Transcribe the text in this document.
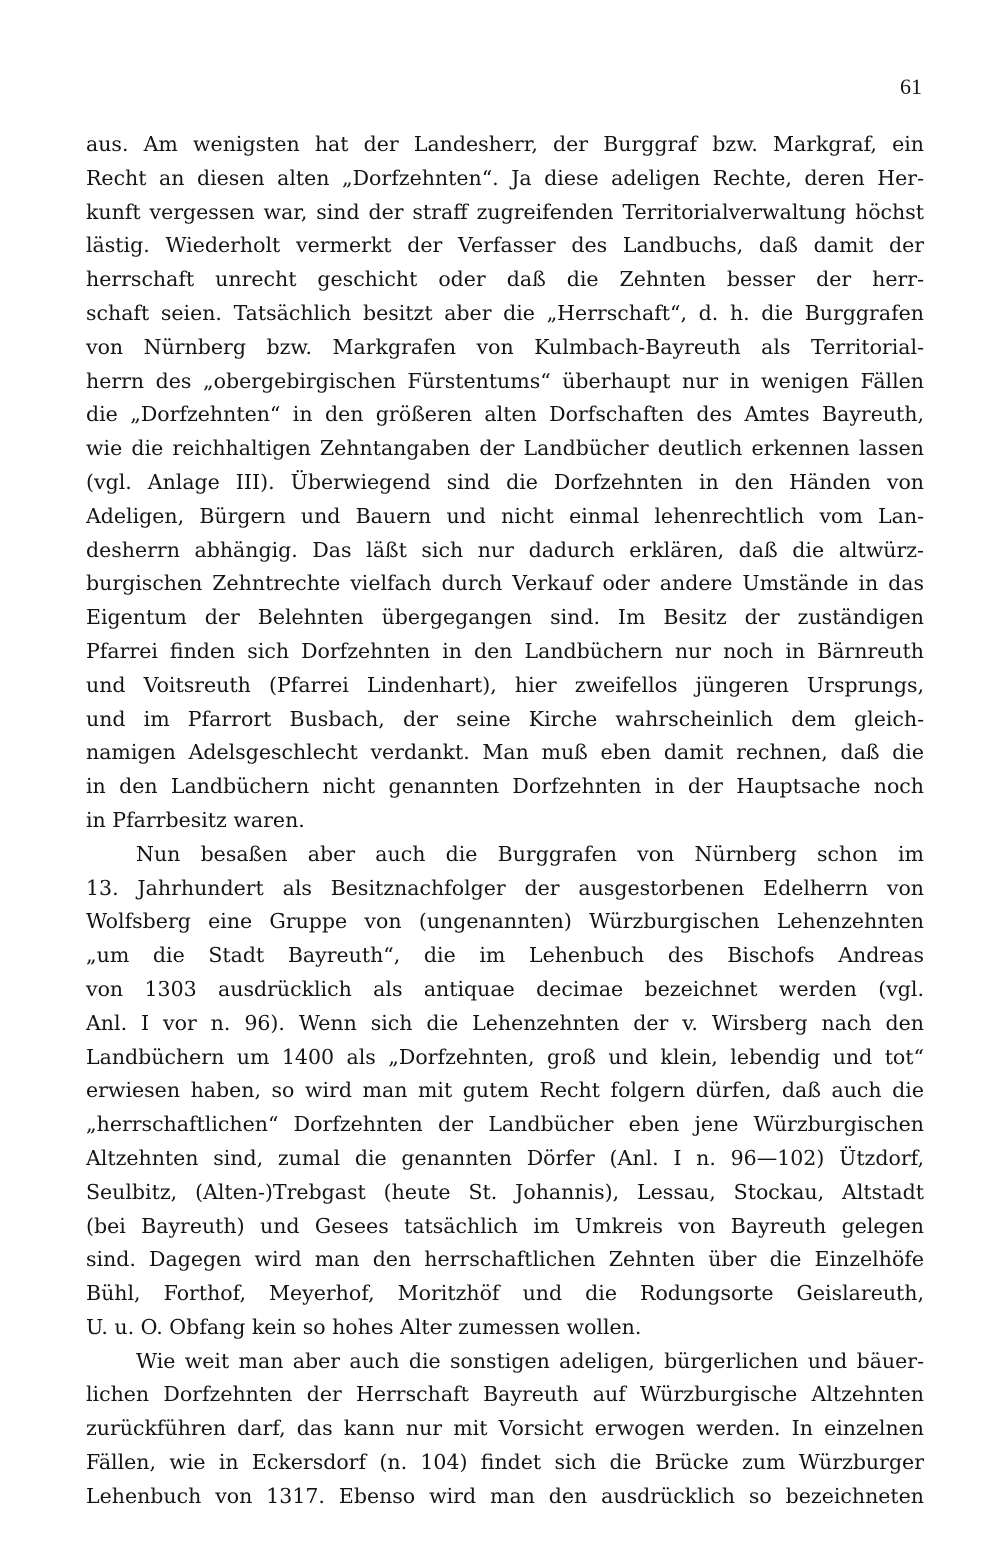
61
aus. Am wenigsten hat der Landesherr, der Burggraf bzw. Markgraf, ein
Recht an diesen alten „Dorfzehnten“. Ja diese adeligen Rechte, deren Her-
kunft vergessen war, sind der straff zugreifenden Territorialverwaltung höchst
lästig. Wiederholt vermerkt der Verfasser des Landbuchs, daß damit der
herrschaft unrecht geschicht oder daß die Zehnten besser der herr-
schaft seien. Tatsächlich besitzt aber die „Herrschaft“, d. h. die Burggrafen
von Nürnberg bzw. Markgrafen von Kulmbach-Bayreuth als Territorial-
herrn des „obergebirgischen Fürstentums“ überhaupt nur in wenigen Fällen
die „Dorfzehnten“ in den größeren alten Dorfschaften des Amtes Bayreuth,
wie die reichhaltigen Zehntangaben der Landbücher deutlich erkennen lassen
(vgl. Anlage III). Überwiegend sind die Dorfzehnten in den Händen von
Adeligen, Bürgern und Bauern und nicht einmal lehenrechtlich vom Lan-
desherrn abhängig. Das läßt sich nur dadurch erklären, daß die altwürz-
burgischen Zehntrechte vielfach durch Verkauf oder andere Umstände in das
Eigentum der Belehnten übergegangen sind. Im Besitz der zuständigen
Pfarrei finden sich Dorfzehnten in den Landbüchern nur noch in Bärnreuth
und Voitsreuth (Pfarrei Lindenhart), hier zweifellos jüngeren Ursprungs,
und im Pfarrort Busbach, der seine Kirche wahrscheinlich dem gleich-
namigen Adelsgeschlecht verdankt. Man muß eben damit rechnen, daß die
in den Landbüchern nicht genannten Dorfzehnten in der Hauptsache noch
in Pfarrbesitz waren.
Nun besaßen aber auch die Burggrafen von Nürnberg schon im
13. Jahrhundert als Besitznachfolger der ausgestorbenen Edelherrn von
Wolfsberg eine Gruppe von (ungenannten) Würzburgischen Lehenzehnten
„um die Stadt Bayreuth“, die im Lehenbuch des Bischofs Andreas
von 1303 ausdrücklich als antiquae decimae bezeichnet werden (vgl.
Anl. I vor n. 96). Wenn sich die Lehenzehnten der v. Wirsberg nach den
Landbüchern um 1400 als „Dorfzehnten, groß und klein, lebendig und tot“
erwiesen haben, so wird man mit gutem Recht folgern dürfen, daß auch die
„herrschaftlichen“ Dorfzehnten der Landbücher eben jene Würzburgischen
Altzehnten sind, zumal die genannten Dörfer (Anl. I n. 96—102) Ützdorf,
Seulbitz, (Alten-)Trebgast (heute St. Johannis), Lessau, Stockau, Altstadt
(bei Bayreuth) und Gesees tatsächlich im Umkreis von Bayreuth gelegen
sind. Dagegen wird man den herrschaftlichen Zehnten über die Einzelhöfe
Bühl, Forthof, Meyerhof, Moritzhöf und die Rodungsorte Geislareuth,
U. u. O. Obfang kein so hohes Alter zumessen wollen.
Wie weit man aber auch die sonstigen adeligen, bürgerlichen und bäuer-
lichen Dorfzehnten der Herrschaft Bayreuth auf Würzburgische Altzehnten
zurückführen darf, das kann nur mit Vorsicht erwogen werden. In einzelnen
Fällen, wie in Eckersdorf (n. 104) findet sich die Brücke zum Würzburger
Lehenbuch von 1317. Ebenso wird man den ausdrücklich so bezeichneten
